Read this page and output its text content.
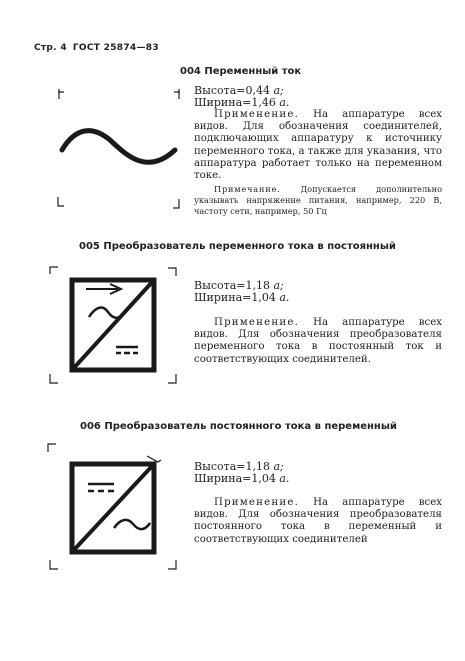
Стр. 4 ГОСТ 25874—83
004 Переменный ток
Высота=0,44 a;
Ширина=1,46 a.
Применение. На аппаратуре всех видов. Для обозначения соединителей, подключающих аппаратуру к источнику переменного тока, а также для указания, что аппаратура работает только на переменном токе.
Примечание. Допускается дополнительно указывать напряжение питания, например, 220 В, частоту сети, например, 50 Гц
005 Преобразователь переменного тока в постоянный
Высота=1,18 a;
Ширина=1,04 a.
Применение. На аппаратуре всех видов. Для обозначения преобразователя переменного тока в постоянный ток и соответствующих соединителей.
006 Преобразователь постоянного тока в переменный
Высота=1,18 a;
Ширина=1,04 a.
Применение. На аппаратуре всех видов. Для обозначения преобразователя постоянного тока в переменный и соответствующих соединителей
